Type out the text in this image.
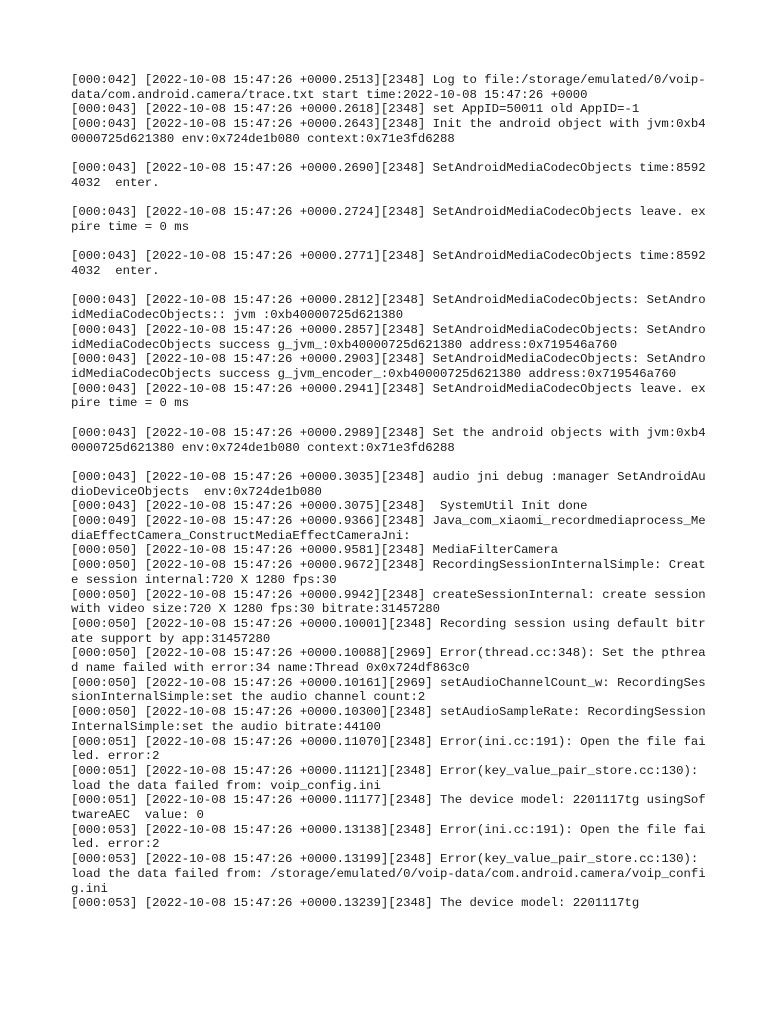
[000:042] [2022-10-08 15:47:26 +0000.2513][2348] Log to file:/storage/emulated/0/voip-data/com.android.camera/trace.txt start time:2022-10-08 15:47:26 +0000
[000:043] [2022-10-08 15:47:26 +0000.2618][2348] set AppID=50011 old AppID=-1
[000:043] [2022-10-08 15:47:26 +0000.2643][2348] Init the android object with jvm:0xb40000725d621380 env:0x724de1b080 context:0x71e3fd6288
[000:043] [2022-10-08 15:47:26 +0000.2690][2348] SetAndroidMediaCodecObjects time:85924032  enter.
[000:043] [2022-10-08 15:47:26 +0000.2724][2348] SetAndroidMediaCodecObjects leave. expire time = 0 ms
[000:043] [2022-10-08 15:47:26 +0000.2771][2348] SetAndroidMediaCodecObjects time:85924032  enter.
[000:043] [2022-10-08 15:47:26 +0000.2812][2348] SetAndroidMediaCodecObjects: SetAndroidMediaCodecObjects:: jvm :0xb40000725d621380
[000:043] [2022-10-08 15:47:26 +0000.2857][2348] SetAndroidMediaCodecObjects: SetAndroidMediaCodecObjects success g_jvm_:0xb40000725d621380 address:0x719546a760
[000:043] [2022-10-08 15:47:26 +0000.2903][2348] SetAndroidMediaCodecObjects: SetAndroidMediaCodecObjects success g_jvm_encoder_:0xb40000725d621380 address:0x719546a760
[000:043] [2022-10-08 15:47:26 +0000.2941][2348] SetAndroidMediaCodecObjects leave. expire time = 0 ms
[000:043] [2022-10-08 15:47:26 +0000.2989][2348] Set the android objects with jvm:0xb40000725d621380 env:0x724de1b080 context:0x71e3fd6288
[000:043] [2022-10-08 15:47:26 +0000.3035][2348] audio jni debug :manager SetAndroidAudioDeviceObjects  env:0x724de1b080
[000:043] [2022-10-08 15:47:26 +0000.3075][2348]  SystemUtil Init done
[000:049] [2022-10-08 15:47:26 +0000.9366][2348] Java_com_xiaomi_recordmediaprocess_MediaEffectCamera_ConstructMediaEffectCameraJni:
[000:050] [2022-10-08 15:47:26 +0000.9581][2348] MediaFilterCamera
[000:050] [2022-10-08 15:47:26 +0000.9672][2348] RecordingSessionInternalSimple: Create session internal:720 X 1280 fps:30
[000:050] [2022-10-08 15:47:26 +0000.9942][2348] createSessionInternal: create session with video size:720 X 1280 fps:30 bitrate:31457280
[000:050] [2022-10-08 15:47:26 +0000.10001][2348] Recording session using default bitrate support by app:31457280
[000:050] [2022-10-08 15:47:26 +0000.10088][2969] Error(thread.cc:348): Set the pthread name failed with error:34 name:Thread 0x0x724df863c0
[000:050] [2022-10-08 15:47:26 +0000.10161][2969] setAudioChannelCount_w: RecordingSessionInternalSimple:set the audio channel count:2
[000:050] [2022-10-08 15:47:26 +0000.10300][2348] setAudioSampleRate: RecordingSessionInternalSimple:set the audio bitrate:44100
[000:051] [2022-10-08 15:47:26 +0000.11070][2348] Error(ini.cc:191): Open the file failed. error:2
[000:051] [2022-10-08 15:47:26 +0000.11121][2348] Error(key_value_pair_store.cc:130): load the data failed from: voip_config.ini
[000:051] [2022-10-08 15:47:26 +0000.11177][2348] The device model: 2201117tg usingSoftwareAEC  value: 0
[000:053] [2022-10-08 15:47:26 +0000.13138][2348] Error(ini.cc:191): Open the file failed. error:2
[000:053] [2022-10-08 15:47:26 +0000.13199][2348] Error(key_value_pair_store.cc:130): load the data failed from: /storage/emulated/0/voip-data/com.android.camera/voip_config.ini
[000:053] [2022-10-08 15:47:26 +0000.13239][2348] The device model: 2201117tg
